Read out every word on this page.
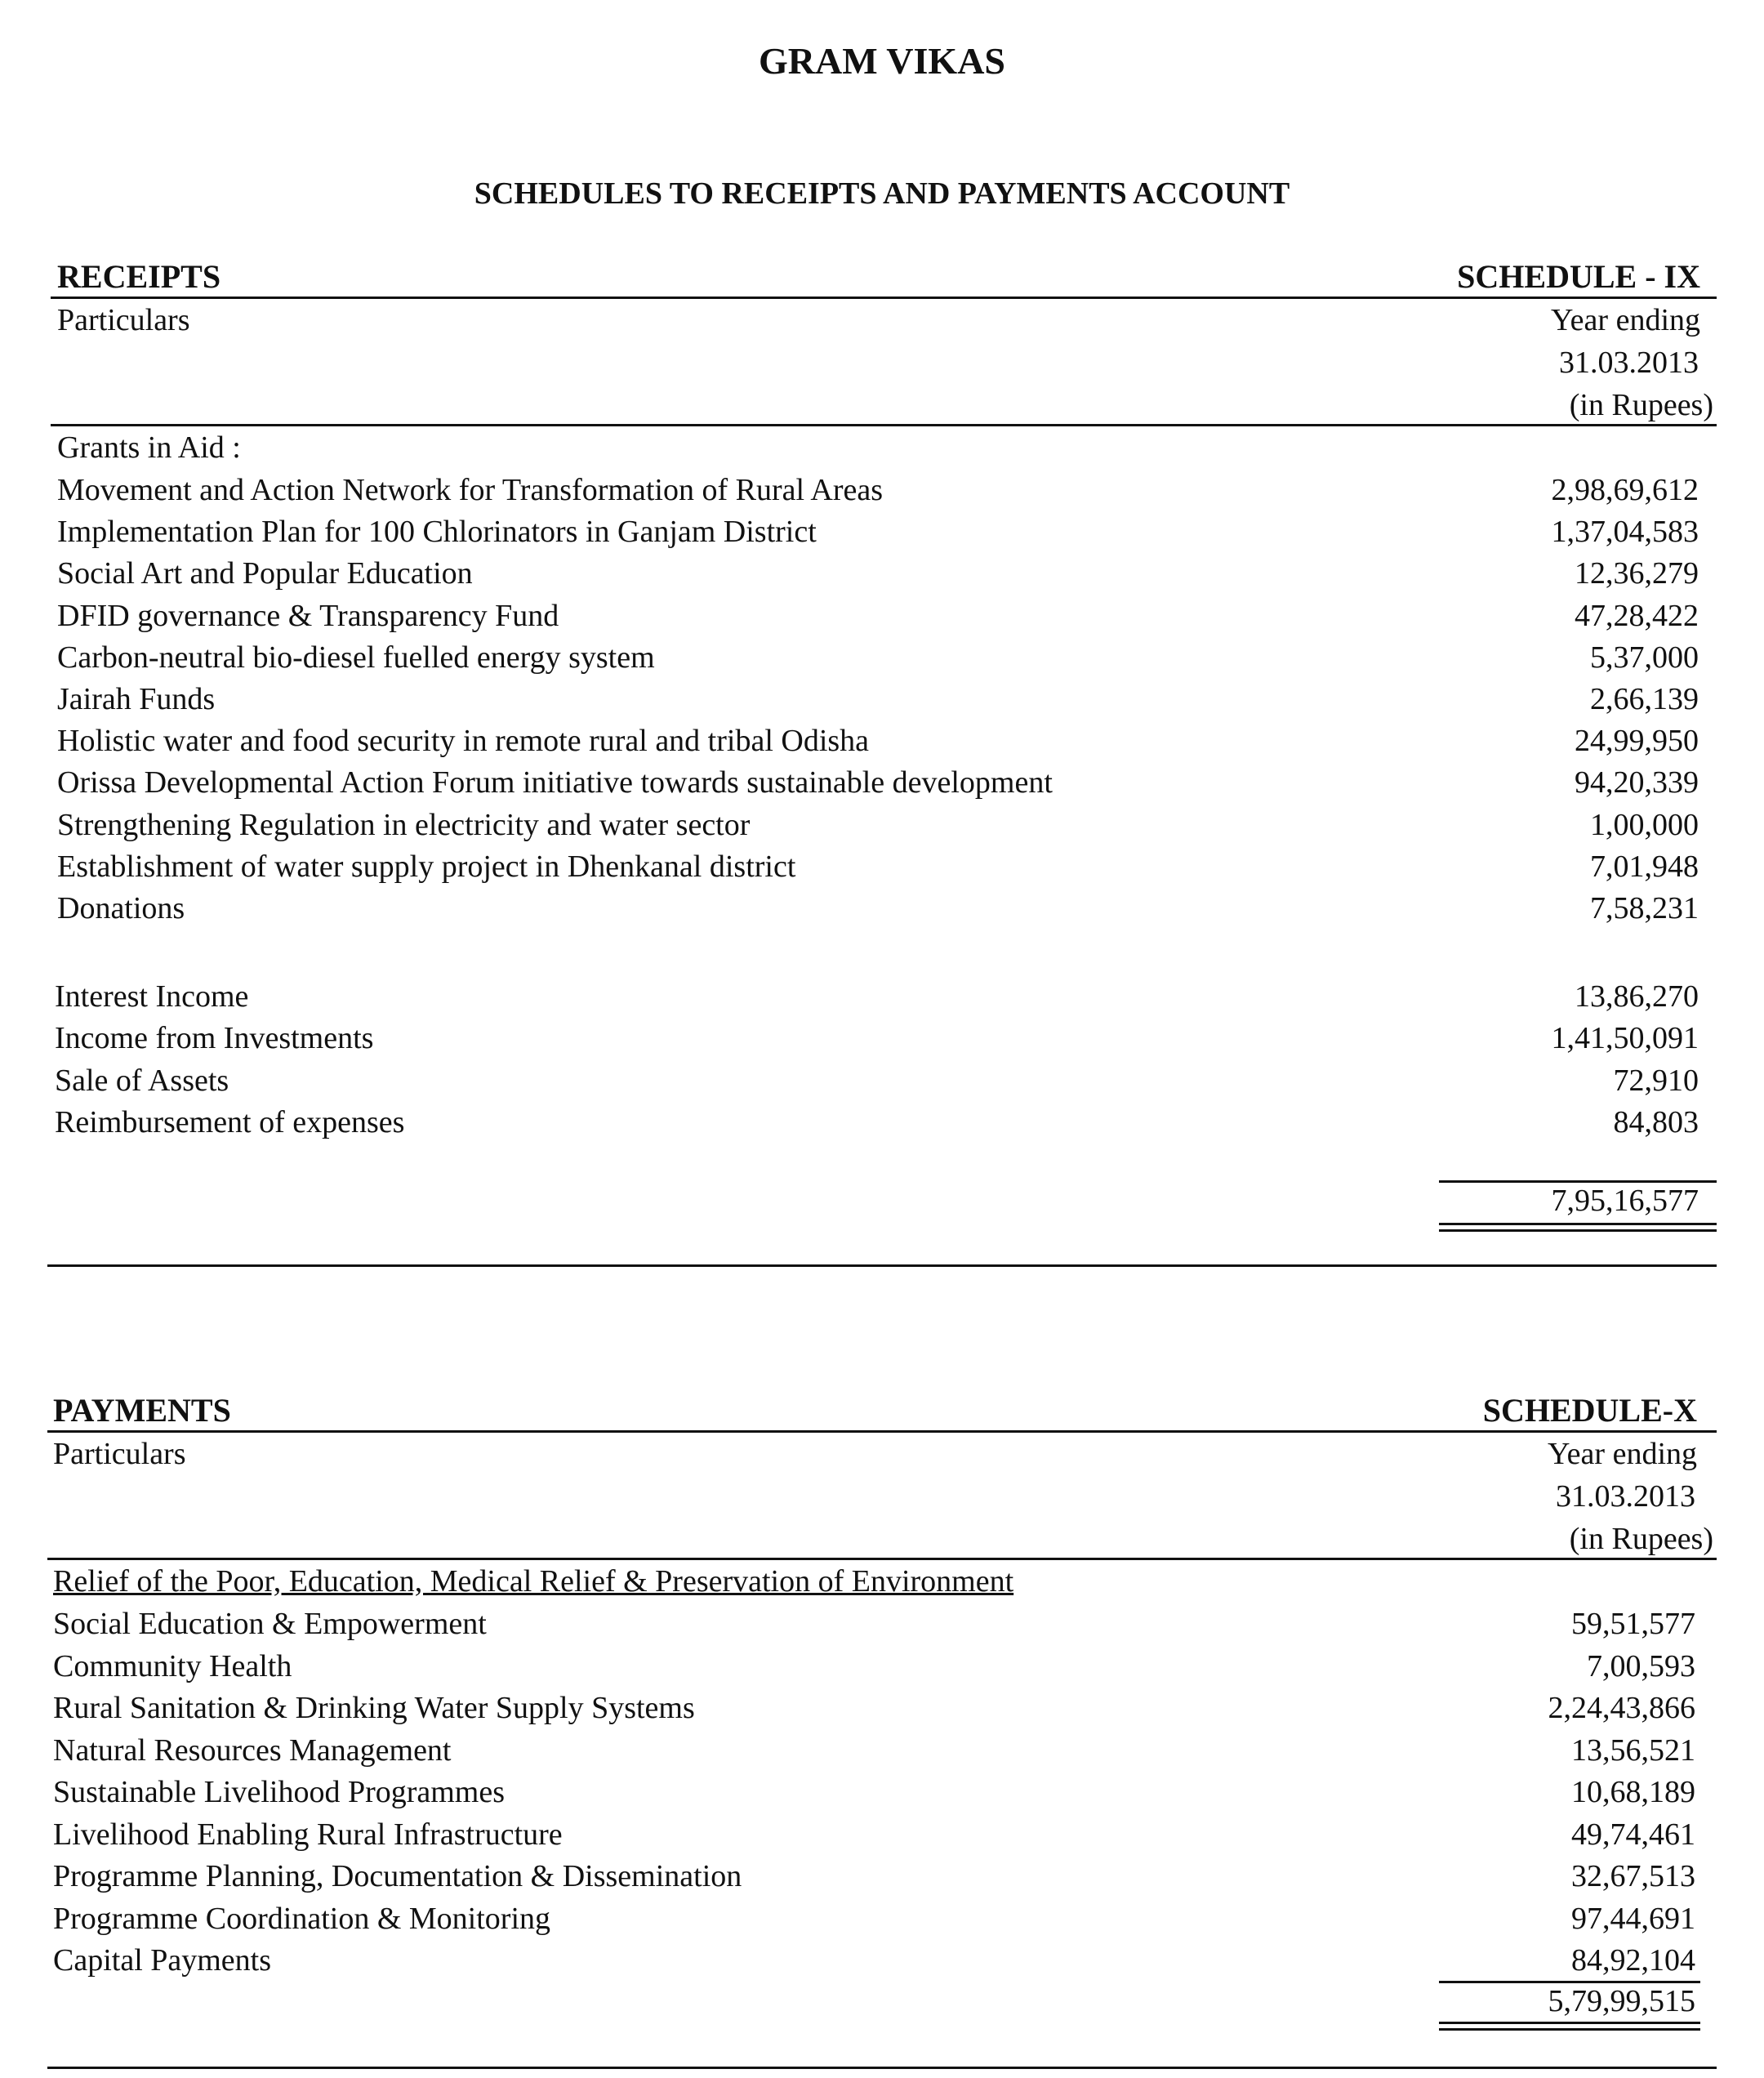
GRAM VIKAS
SCHEDULES TO RECEIPTS AND PAYMENTS ACCOUNT
RECEIPTS	SCHEDULE - IX
Particulars	Year ending
31.03.2013
(in Rupees)
Grants in Aid :
Movement and Action Network for Transformation of Rural Areas	2,98,69,612
Implementation Plan for 100 Chlorinators in Ganjam District	1,37,04,583
Social Art and Popular Education	12,36,279
DFID governance & Transparency Fund	47,28,422
Carbon-neutral bio-diesel fuelled energy system	5,37,000
Jairah Funds	2,66,139
Holistic water and food security in remote rural and tribal Odisha	24,99,950
Orissa Developmental Action Forum initiative towards sustainable development	94,20,339
Strengthening Regulation in electricity and water sector	1,00,000
Establishment of water supply project in Dhenkanal district	7,01,948
Donations	7,58,231
Interest Income	13,86,270
Income from Investments	1,41,50,091
Sale of Assets	72,910
Reimbursement of expenses	84,803
7,95,16,577
PAYMENTS	SCHEDULE-X
Particulars	Year ending
31.03.2013
(in Rupees)
Relief of the Poor, Education, Medical Relief & Preservation of Environment
Social Education & Empowerment	59,51,577
Community Health	7,00,593
Rural Sanitation & Drinking Water Supply Systems	2,24,43,866
Natural Resources Management	13,56,521
Sustainable Livelihood Programmes	10,68,189
Livelihood Enabling Rural Infrastructure	49,74,461
Programme Planning, Documentation & Dissemination	32,67,513
Programme Coordination & Monitoring	97,44,691
Capital Payments	84,92,104
5,79,99,515
